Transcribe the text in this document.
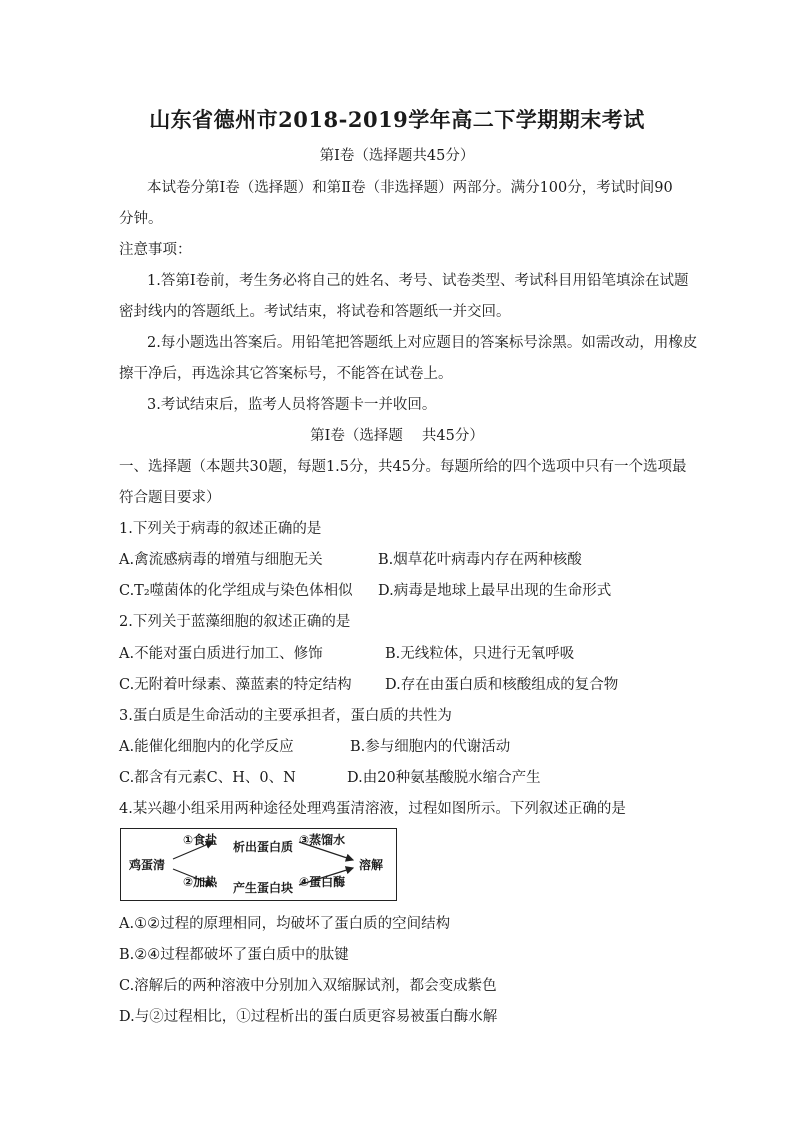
山东省德州市2018-2019学年高二下学期期末考试
第Ⅰ卷（选择题共45分）
本试卷分第Ⅰ卷（选择题）和第Ⅱ卷（非选择题）两部分。满分100分，考试时间90
分钟。
注意事项：
1.答第Ⅰ卷前，考生务必将自己的姓名、考号、试卷类型、考试科目用铅笔填涂在试题
密封线内的答题纸上。考试结束，将试卷和答题纸一并交回。
2.每小题选出答案后。用铅笔把答题纸上对应题目的答案标号涂黑。如需改动，用橡皮
擦干净后，再选涂其它答案标号，不能答在试卷上。
3.考试结束后，监考人员将答题卡一并收回。
第Ⅰ卷（选择题　 共45分）
一、选择题（本题共30题，每题1.5分，共45分。每题所给的四个选项中只有一个选项最
符合题目要求）
1.下列关于病毒的叙述正确的是
A.禽流感病毒的增殖与细胞无关	B.烟草花叶病毒内存在两种核酸
C.T₂噬菌体的化学组成与染色体相似 D.病毒是地球上最早出现的生命形式
2.下列关于蓝藻细胞的叙述正确的是
A.不能对蛋白质进行加工、修饰	B.无线粒体，只进行无氧呼吸
C.无附着叶绿素、藻蓝素的特定结构 D.存在由蛋白质和核酸组成的复合物
3.蛋白质是生命活动的主要承担者，蛋白质的共性为
A.能催化细胞内的化学反应	B.参与细胞内的代谢活动
C.都含有元素C、H、0、N	D.由20种氨基酸脱水缩合产生
4.某兴趣小组采用两种途径处理鸡蛋清溶液，过程如图所示。下列叙述正确的是
鸡蛋清
①食盐
②加热
析出蛋白质
产生蛋白块
③蒸馏水
④蛋白酶
溶解
A.①②过程的原理相同，均破坏了蛋白质的空间结构
B.②④过程都破坏了蛋白质中的肽键
C.溶解后的两种溶液中分别加入双缩脲试剂，都会变成紫色
D.与②过程相比，①过程析出的蛋白质更容易被蛋白酶水解
